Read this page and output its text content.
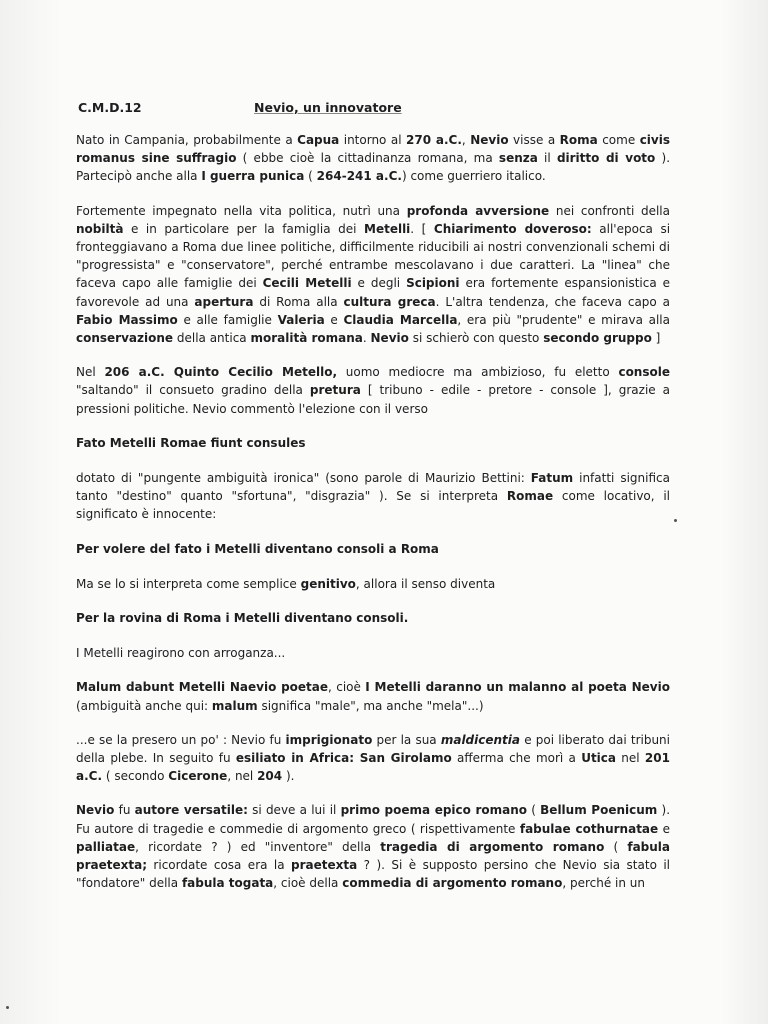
C.M.D.12	Nevio, un innovatore

Nato in Campania, probabilmente a Capua intorno al 270 a.C., Nevio visse a Roma come civis romanus sine suffragio ( ebbe cioè la cittadinanza romana, ma senza il diritto di voto ). Partecipò anche alla I guerra punica ( 264-241 a.C.) come guerriero italico.

Fortemente impegnato nella vita politica, nutrì una profonda avversione nei confronti della nobiltà e in particolare per la famiglia dei Metelli. [ Chiarimento doveroso: all'epoca si fronteggiavano a Roma due linee politiche, difficilmente riducibili ai nostri convenzionali schemi di "progressista" e "conservatore", perché entrambe mescolavano i due caratteri. La "linea" che faceva capo alle famiglie dei Cecili Metelli e degli Scipioni era fortemente espansionistica e favorevole ad una apertura di Roma alla cultura greca. L'altra tendenza, che faceva capo a Fabio Massimo e alle famiglie Valeria e Claudia Marcella, era più "prudente" e mirava alla conservazione della antica moralità romana. Nevio si schierò con questo secondo gruppo ]

Nel 206 a.C. Quinto Cecilio Metello, uomo mediocre ma ambizioso, fu eletto console "saltando" il consueto gradino della pretura [ tribuno - edile - pretore - console ], grazie a pressioni politiche. Nevio commentò l'elezione con il verso

Fato Metelli Romae fiunt consules

dotato di "pungente ambiguità ironica" (sono parole di Maurizio Bettini: Fatum infatti significa tanto "destino" quanto "sfortuna", "disgrazia" ). Se si interpreta Romae come locativo, il significato è innocente:

Per volere del fato i Metelli diventano consoli a Roma

Ma se lo si interpreta come semplice genitivo, allora il senso diventa

Per la rovina di Roma i Metelli diventano consoli.

I Metelli reagirono con arroganza...

Malum dabunt Metelli Naevio poetae, cioè I Metelli daranno un malanno al poeta Nevio (ambiguità anche qui: malum significa "male", ma anche "mela"...)

...e se la presero un po' : Nevio fu imprigionato per la sua maldicentia e poi liberato dai tribuni della plebe. In seguito fu esiliato in Africa: San Girolamo afferma che morì a Utica nel 201 a.C. ( secondo Cicerone, nel 204 ).

Nevio fu autore versatile: si deve a lui il primo poema epico romano ( Bellum Poenicum ). Fu autore di tragedie e commedie di argomento greco ( rispettivamente fabulae cothurnatae e palliatae, ricordate ? ) ed "inventore" della tragedia di argomento romano ( fabula praetexta; ricordate cosa era la praetexta ? ). Si è supposto persino che Nevio sia stato il "fondatore" della fabula togata, cioè della commedia di argomento romano, perché in un
